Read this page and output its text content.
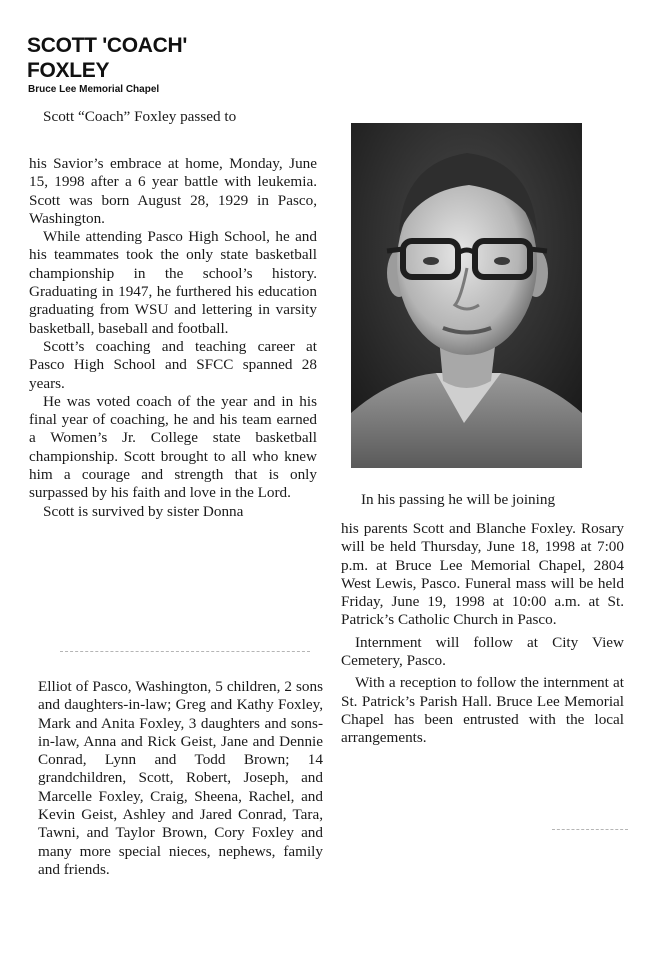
SCOTT 'COACH'
FOXLEY
Bruce Lee Memorial Chapel

Scott “Coach” Foxley passed to

his Savior’s embrace at home, Monday, June 15, 1998 after a 6 year battle with leukemia. Scott was born August 28, 1929 in Pasco, Washington.

While attending Pasco High School, he and his teammates took the only state basketball championship in the school’s history. Graduating in 1947, he furthered his education graduating from WSU and lettering in varsity basketball, baseball and football.

Scott’s coaching and teaching career at Pasco High School and SFCC spanned 28 years.

He was voted coach of the year and in his final year of coaching, he and his team earned a Women’s Jr. College state basketball championship. Scott brought to all who knew him a courage and strength that is only surpassed by his faith and love in the Lord.

Scott is survived by sister Donna

Elliot of Pasco, Washington, 5 children, 2 sons and daughters-in-law; Greg and Kathy Foxley, Mark and Anita Foxley, 3 daughters and sons-in-law, Anna and Rick Geist, Jane and Dennie Conrad, Lynn and Todd Brown; 14 grandchildren, Scott, Robert, Joseph, and Marcelle Foxley, Craig, Sheena, Rachel, and Kevin Geist, Ashley and Jared Conrad, Tara, Tawni, and Taylor Brown, Cory Foxley and many more special nieces, nephews, family and friends.

In his passing he will be joining

his parents Scott and Blanche Foxley. Rosary will be held Thursday, June 18, 1998 at 7:00 p.m. at Bruce Lee Memorial Chapel, 2804 West Lewis, Pasco. Funeral mass will be held Friday, June 19, 1998 at 10:00 a.m. at St. Patrick’s Catholic Church in Pasco.

Internment will follow at City View Cemetery, Pasco.

With a reception to follow the internment at St. Patrick’s Parish Hall. Bruce Lee Memorial Chapel has been entrusted with the local arrangements.
